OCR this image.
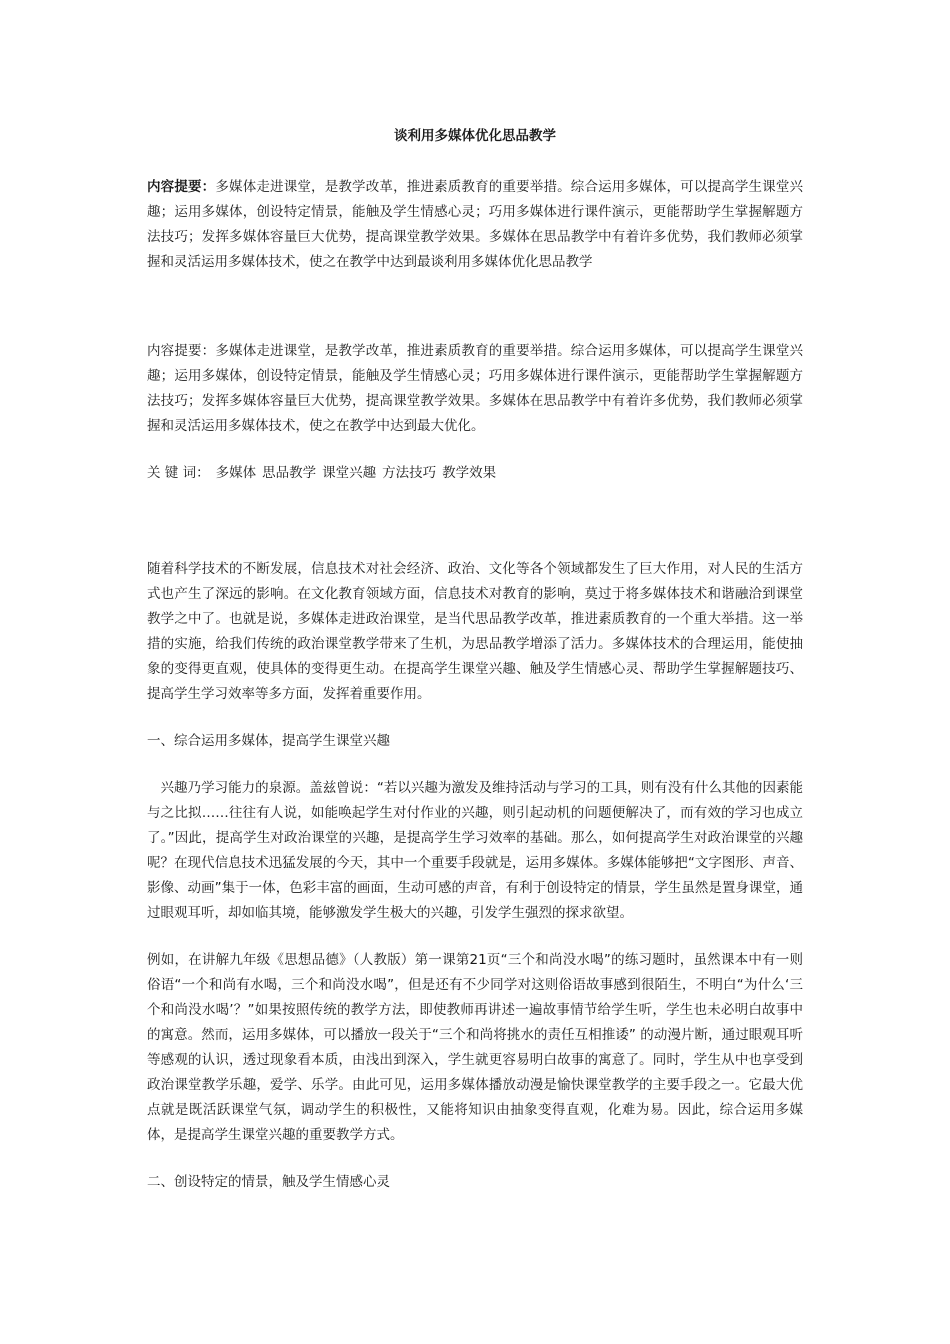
谈利用多媒体优化思品教学

内容提要：多媒体走进课堂，是教学改革，推进素质教育的重要举措。综合运用多媒体，可以提高学生课堂兴趣；运用多媒体，创设特定情景，能触及学生情感心灵；巧用多媒体进行课件演示，更能帮助学生掌握解题方法技巧；发挥多媒体容量巨大优势，提高课堂教学效果。多媒体在思品教学中有着许多优势，我们教师必须掌握和灵活运用多媒体技术，使之在教学中达到最谈利用多媒体优化思品教学

内容提要：多媒体走进课堂，是教学改革，推进素质教育的重要举措。综合运用多媒体，可以提高学生课堂兴趣；运用多媒体，创设特定情景，能触及学生情感心灵；巧用多媒体进行课件演示，更能帮助学生掌握解题方法技巧；发挥多媒体容量巨大优势，提高课堂教学效果。多媒体在思品教学中有着许多优势，我们教师必须掌握和灵活运用多媒体技术，使之在教学中达到最大优化。

关 键 词： 多媒体 思品教学 课堂兴趣 方法技巧 教学效果

随着科学技术的不断发展，信息技术对社会经济、政治、文化等各个领域都发生了巨大作用，对人民的生活方式也产生了深远的影响。在文化教育领域方面，信息技术对教育的影响，莫过于将多媒体技术和谐融洽到课堂教学之中了。也就是说，多媒体走进政治课堂，是当代思品教学改革，推进素质教育的一个重大举措。这一举措的实施，给我们传统的政治课堂教学带来了生机，为思品教学增添了活力。多媒体技术的合理运用，能使抽象的变得更直观，使具体的变得更生动。在提高学生课堂兴趣、触及学生情感心灵、帮助学生掌握解题技巧、提高学生学习效率等多方面，发挥着重要作用。

一、综合运用多媒体，提高学生课堂兴趣

兴趣乃学习能力的泉源。盖兹曾说：“若以兴趣为激发及维持活动与学习的工具，则有没有什么其他的因素能与之比拟……往往有人说，如能唤起学生对付作业的兴趣，则引起动机的问题便解决了，而有效的学习也成立了。”因此，提高学生对政治课堂的兴趣，是提高学生学习效率的基础。那么，如何提高学生对政治课堂的兴趣呢？在现代信息技术迅猛发展的今天，其中一个重要手段就是，运用多媒体。多媒体能够把“文字图形、声音、影像、动画”集于一体，色彩丰富的画面，生动可感的声音，有利于创设特定的情景，学生虽然是置身课堂，通过眼观耳听，却如临其境，能够激发学生极大的兴趣，引发学生强烈的探求欲望。

例如，在讲解九年级《思想品德》（人教版）第一课第21页“三个和尚没水喝”的练习题时，虽然课本中有一则俗语“一个和尚有水喝，三个和尚没水喝”，但是还有不少同学对这则俗语故事感到很陌生，不明白“为什么‘三个和尚没水喝’？”如果按照传统的教学方法，即使教师再讲述一遍故事情节给学生听，学生也未必明白故事中的寓意。然而，运用多媒体，可以播放一段关于“三个和尚将挑水的责任互相推诿” 的动漫片断，通过眼观耳听等感观的认识，透过现象看本质，由浅出到深入，学生就更容易明白故事的寓意了。同时，学生从中也享受到政治课堂教学乐趣，爱学、乐学。由此可见，运用多媒体播放动漫是愉快课堂教学的主要手段之一。它最大优点就是既活跃课堂气氛，调动学生的积极性，又能将知识由抽象变得直观，化难为易。因此，综合运用多媒体，是提高学生课堂兴趣的重要教学方式。

二、创设特定的情景，触及学生情感心灵
